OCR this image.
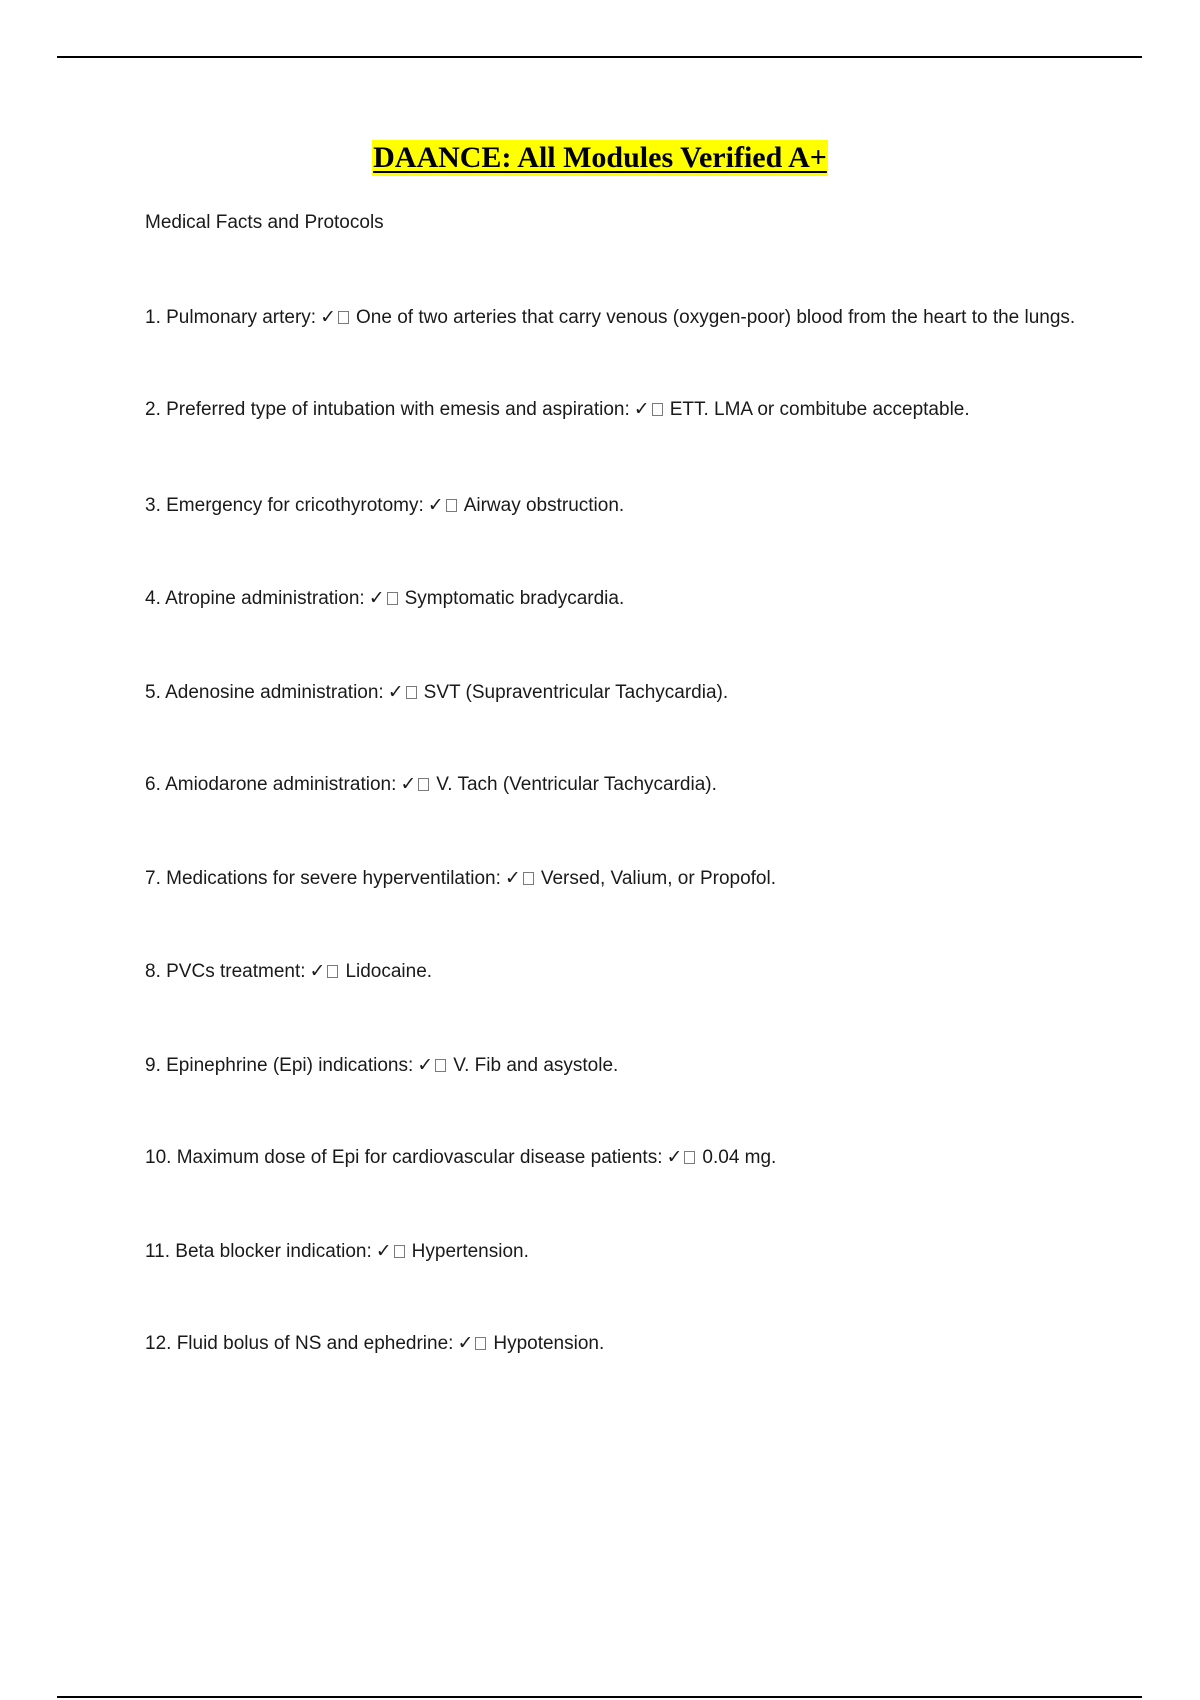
DAANCE: All Modules Verified A+
Medical Facts and Protocols
1. Pulmonary artery: ✓ One of two arteries that carry venous (oxygen-poor) blood from the heart to the lungs.
2. Preferred type of intubation with emesis and aspiration: ✓ ETT. LMA or combitube acceptable.
3. Emergency for cricothyrotomy: ✓ Airway obstruction.
4. Atropine administration: ✓ Symptomatic bradycardia.
5. Adenosine administration: ✓ SVT (Supraventricular Tachycardia).
6. Amiodarone administration: ✓ V. Tach (Ventricular Tachycardia).
7. Medications for severe hyperventilation: ✓ Versed, Valium, or Propofol.
8. PVCs treatment: ✓ Lidocaine.
9. Epinephrine (Epi) indications: ✓ V. Fib and asystole.
10. Maximum dose of Epi for cardiovascular disease patients: ✓ 0.04 mg.
11. Beta blocker indication: ✓ Hypertension.
12. Fluid bolus of NS and ephedrine: ✓ Hypotension.
